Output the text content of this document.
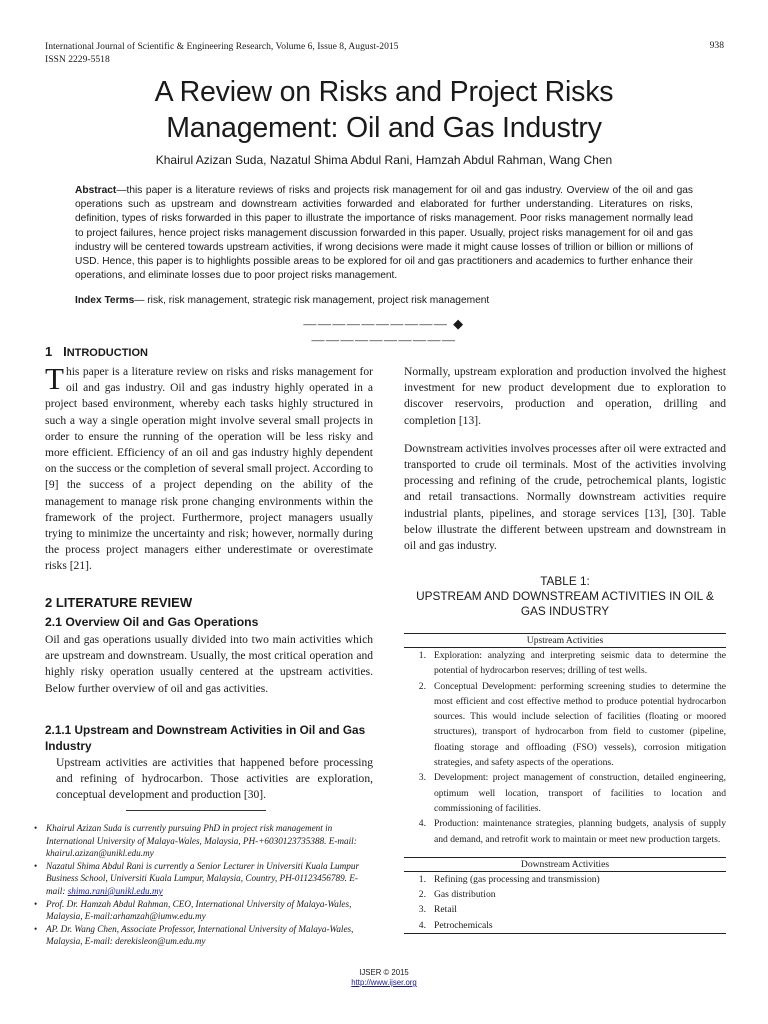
International Journal of Scientific & Engineering Research, Volume 6, Issue 8, August-2015
ISSN 2229-5518
938
A Review on Risks and Project Risks
Management: Oil and Gas Industry
Khairul Azizan Suda, Nazatul Shima Abdul Rani, Hamzah Abdul Rahman, Wang Chen

Abstract—this paper is a literature reviews of risks and projects risk management for oil and gas industry. Overview of the oil and gas operations such as upstream and downstream activities forwarded and elaborated for further understanding. Literatures on risks, definition, types of risks forwarded in this paper to illustrate the importance of risks management. Poor risks management normally lead to project failures, hence project risks management discussion forwarded in this paper. Usually, project risks management for oil and gas industry will be centered towards upstream activities, if wrong decisions were made it might cause losses of trillion or billion or millions of USD. Hence, this paper is to highlights possible areas to be explored for oil and gas practitioners and academics to further enhance their operations, and eliminate losses due to poor project risks management.

Index Terms— risk, risk management, strategic risk management, project risk management
—————————— ◆ ——————————
1 INTRODUCTION

This paper is a literature review on risks and risks management for oil and gas industry. Oil and gas industry highly operated in a project based environment, whereby each tasks highly structured in such a way a single operation might involve several small projects in order to ensure the running of the operation will be less risky and more efficient. Efficiency of an oil and gas industry highly dependent on the success or the completion of several small project. According to [9] the success of a project depending on the ability of the management to manage risk prone changing environments within the framework of the project. Furthermore, project managers usually trying to minimize the uncertainty and risk; however, normally during the process project managers either underestimate or overestimate risks [21].

2 LITERATURE REVIEW
2.1 Overview Oil and Gas Operations

Oil and gas operations usually divided into two main activities which are upstream and downstream. Usually, the most critical operation and highly risky operation usually centered at the upstream activities. Below further overview of oil and gas activities.

2.1.1 Upstream and Downstream Activities in Oil and Gas Industry

Upstream activities are activities that happened before processing and refining of hydrocarbon. Those activities are exploration, conceptual development and production [30].

• Khairul Azizan Suda is currently pursuing PhD in project risk management in International University of Malaya-Wales, Malaysia, PH-+6030123735388. E-mail: khairul.azizan@unikl.edu.my
• Nazatul Shima Abdul Rani is currently a Senior Lecturer in Universiti Kuala Lumpur Business School, Universiti Kuala Lumpur, Malaysia, Country, PH-01123456789. E-mail: shima.rani@unikl.edu.my
• Prof. Dr. Hamzah Abdul Rahman, CEO, International University of Malaya-Wales, Malaysia, E-mail:arhamzah@iumw.edu.my
• AP. Dr. Wang Chen, Associate Professor, International University of Malaya-Wales, Malaysia, E-mail: derekisleon@um.edu.my

Normally, upstream exploration and production involved the highest investment for new product development due to exploration to discover reservoirs, production and operation, drilling and completion [13].

Downstream activities involves processes after oil were extracted and transported to crude oil terminals. Most of the activities involving processing and refining of the crude, petrochemical plants, logistic and retail transactions. Normally downstream activities require industrial plants, pipelines, and storage services [13], [30]. Table below illustrate the different between upstream and downstream in oil and gas industry.

TABLE 1:
UPSTREAM AND DOWNSTREAM ACTIVITIES IN OIL & GAS INDUSTRY
Upstream Activities
1. Exploration: analyzing and interpreting seismic data to determine the potential of hydrocarbon reserves; drilling of test wells.
2. Conceptual Development: performing screening studies to determine the most efficient and cost effective method to produce potential hydrocarbon sources. This would include selection of facilities (floating or moored structures), transport of hydrocarbon from field to customer (pipeline, floating storage and offloading (FSO) vessels), corrosion mitigation strategies, and safety aspects of the operations.
3. Development: project management of construction, detailed engineering, optimum well location, transport of facilities to location and commissioning of facilities.
4. Production: maintenance strategies, planning budgets, analysis of supply and demand, and retrofit work to maintain or meet new production targets.
Downstream Activities
1. Refining (gas processing and transmission)
2. Gas distribution
3. Retail
4. Petrochemicals
IJSER © 2015
http://www.ijser.org
